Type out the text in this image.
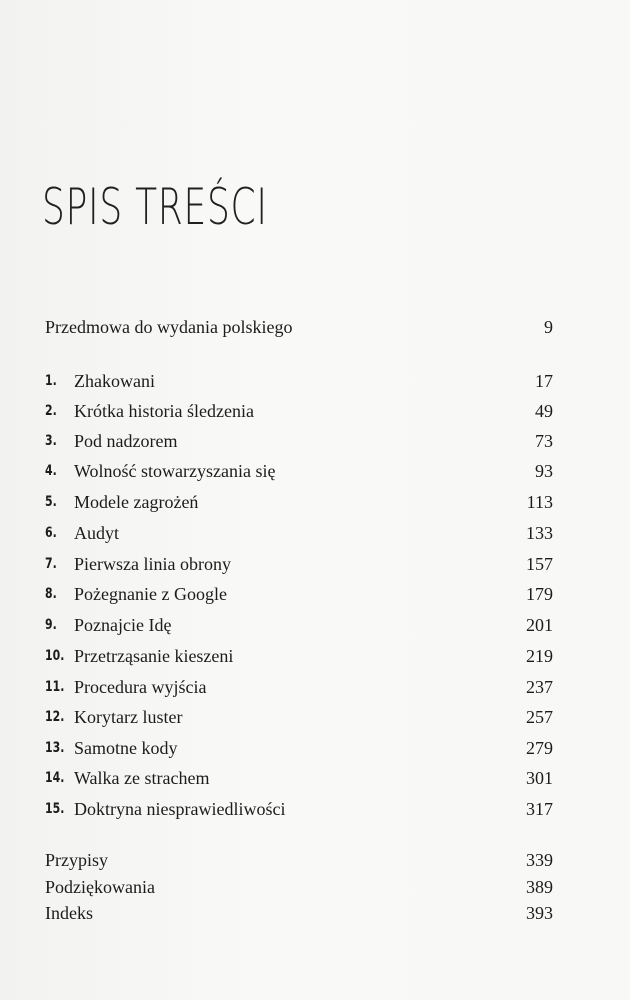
SPIS TREŚCI
Przedmowa do wydania polskiego	9
1. Zhakowani	17
2. Krótka historia śledzenia	49
3. Pod nadzorem	73
4. Wolność stowarzyszania się	93
5. Modele zagrożeń	113
6. Audyt	133
7. Pierwsza linia obrony	157
8. Pożegnanie z Google	179
9. Poznajcie Idę	201
10. Przetrząsanie kieszeni	219
11. Procedura wyjścia	237
12. Korytarz luster	257
13. Samotne kody	279
14. Walka ze strachem	301
15. Doktryna niesprawiedliwości	317
Przypisy	339
Podziękowania	389
Indeks	393
